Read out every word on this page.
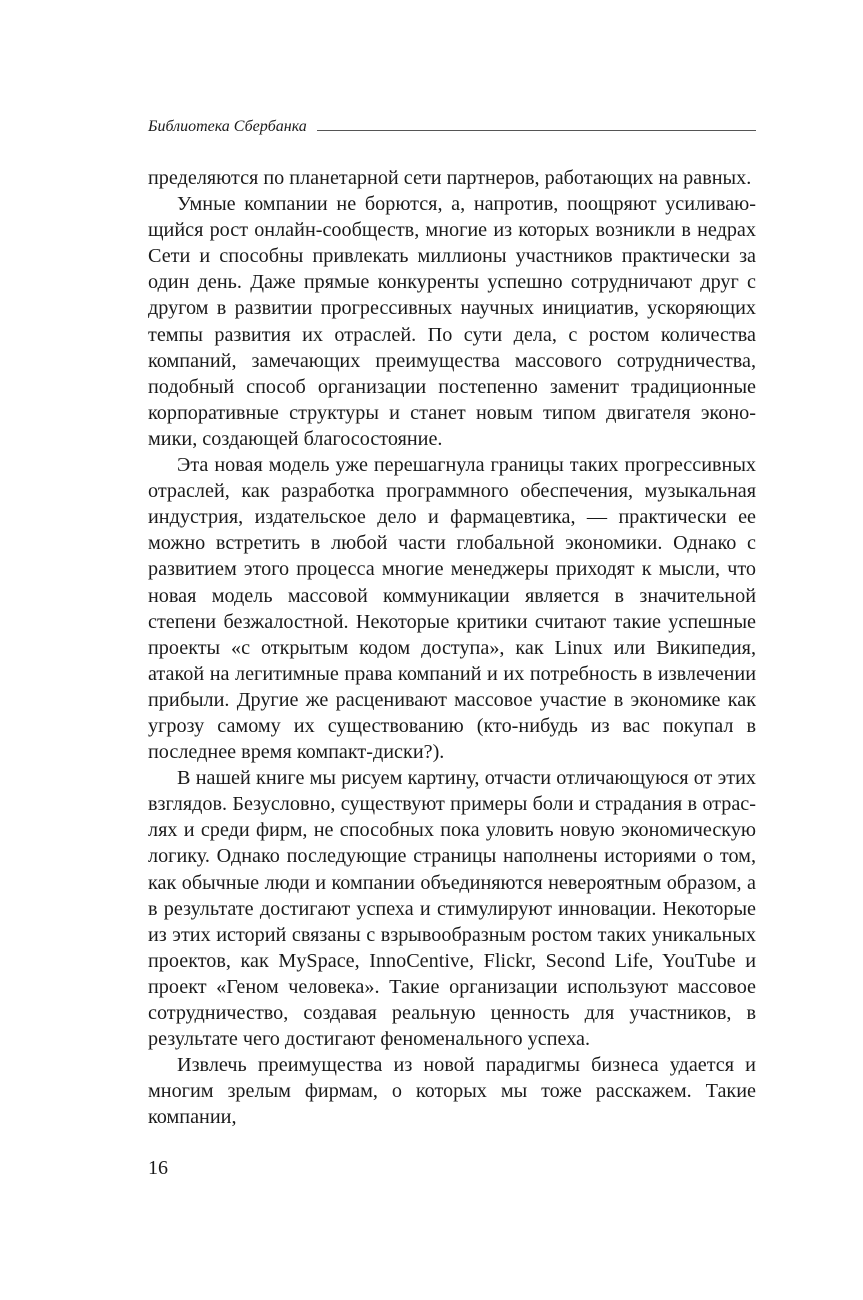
Библиотека Сбербанка

пределяются по планетарной сети партнеров, работающих на равных.

Умные компании не борются, а, напротив, поощряют усиливающийся рост онлайн-сообществ, многие из которых возникли в недрах Сети и способны привлекать миллионы участников практически за один день. Даже прямые конкуренты успешно сотрудничают друг с другом в развитии прогрессивных научных инициатив, ускоряющих темпы развития их отраслей. По сути дела, с ростом количества компаний, замечающих преимущества массового сотрудничества, подобный способ организации постепенно заменит традиционные корпоративные структуры и станет новым типом двигателя экономики, создающей благосостояние.

Эта новая модель уже перешагнула границы таких прогрессивных отраслей, как разработка программного обеспечения, музыкальная индустрия, издательское дело и фармацевтика, — практически ее можно встретить в любой части глобальной экономики. Однако с развитием этого процесса многие менеджеры приходят к мысли, что новая модель массовой коммуникации является в значительной степени безжалостной. Некоторые критики считают такие успешные проекты «с открытым кодом доступа», как Linux или Википедия, атакой на легитимные права компаний и их потребность в извлечении прибыли. Другие же расценивают массовое участие в экономике как угрозу самому их существованию (кто-нибудь из вас покупал в последнее время компакт-диски?).

В нашей книге мы рисуем картину, отчасти отличающуюся от этих взглядов. Безусловно, существуют примеры боли и страдания в отраслях и среди фирм, не способных пока уловить новую экономическую логику. Однако последующие страницы наполнены историями о том, как обычные люди и компании объединяются невероятным образом, а в результате достигают успеха и стимулируют инновации. Некоторые из этих историй связаны с взрывообразным ростом таких уникальных проектов, как MySpace, InnoCentive, Flickr, Second Life, YouTube и проект «Геном человека». Такие организации используют массовое сотрудничество, создавая реальную ценность для участников, в результате чего достигают феноменального успеха.

Извлечь преимущества из новой парадигмы бизнеса удается и многим зрелым фирмам, о которых мы тоже расскажем. Такие компании,

16
